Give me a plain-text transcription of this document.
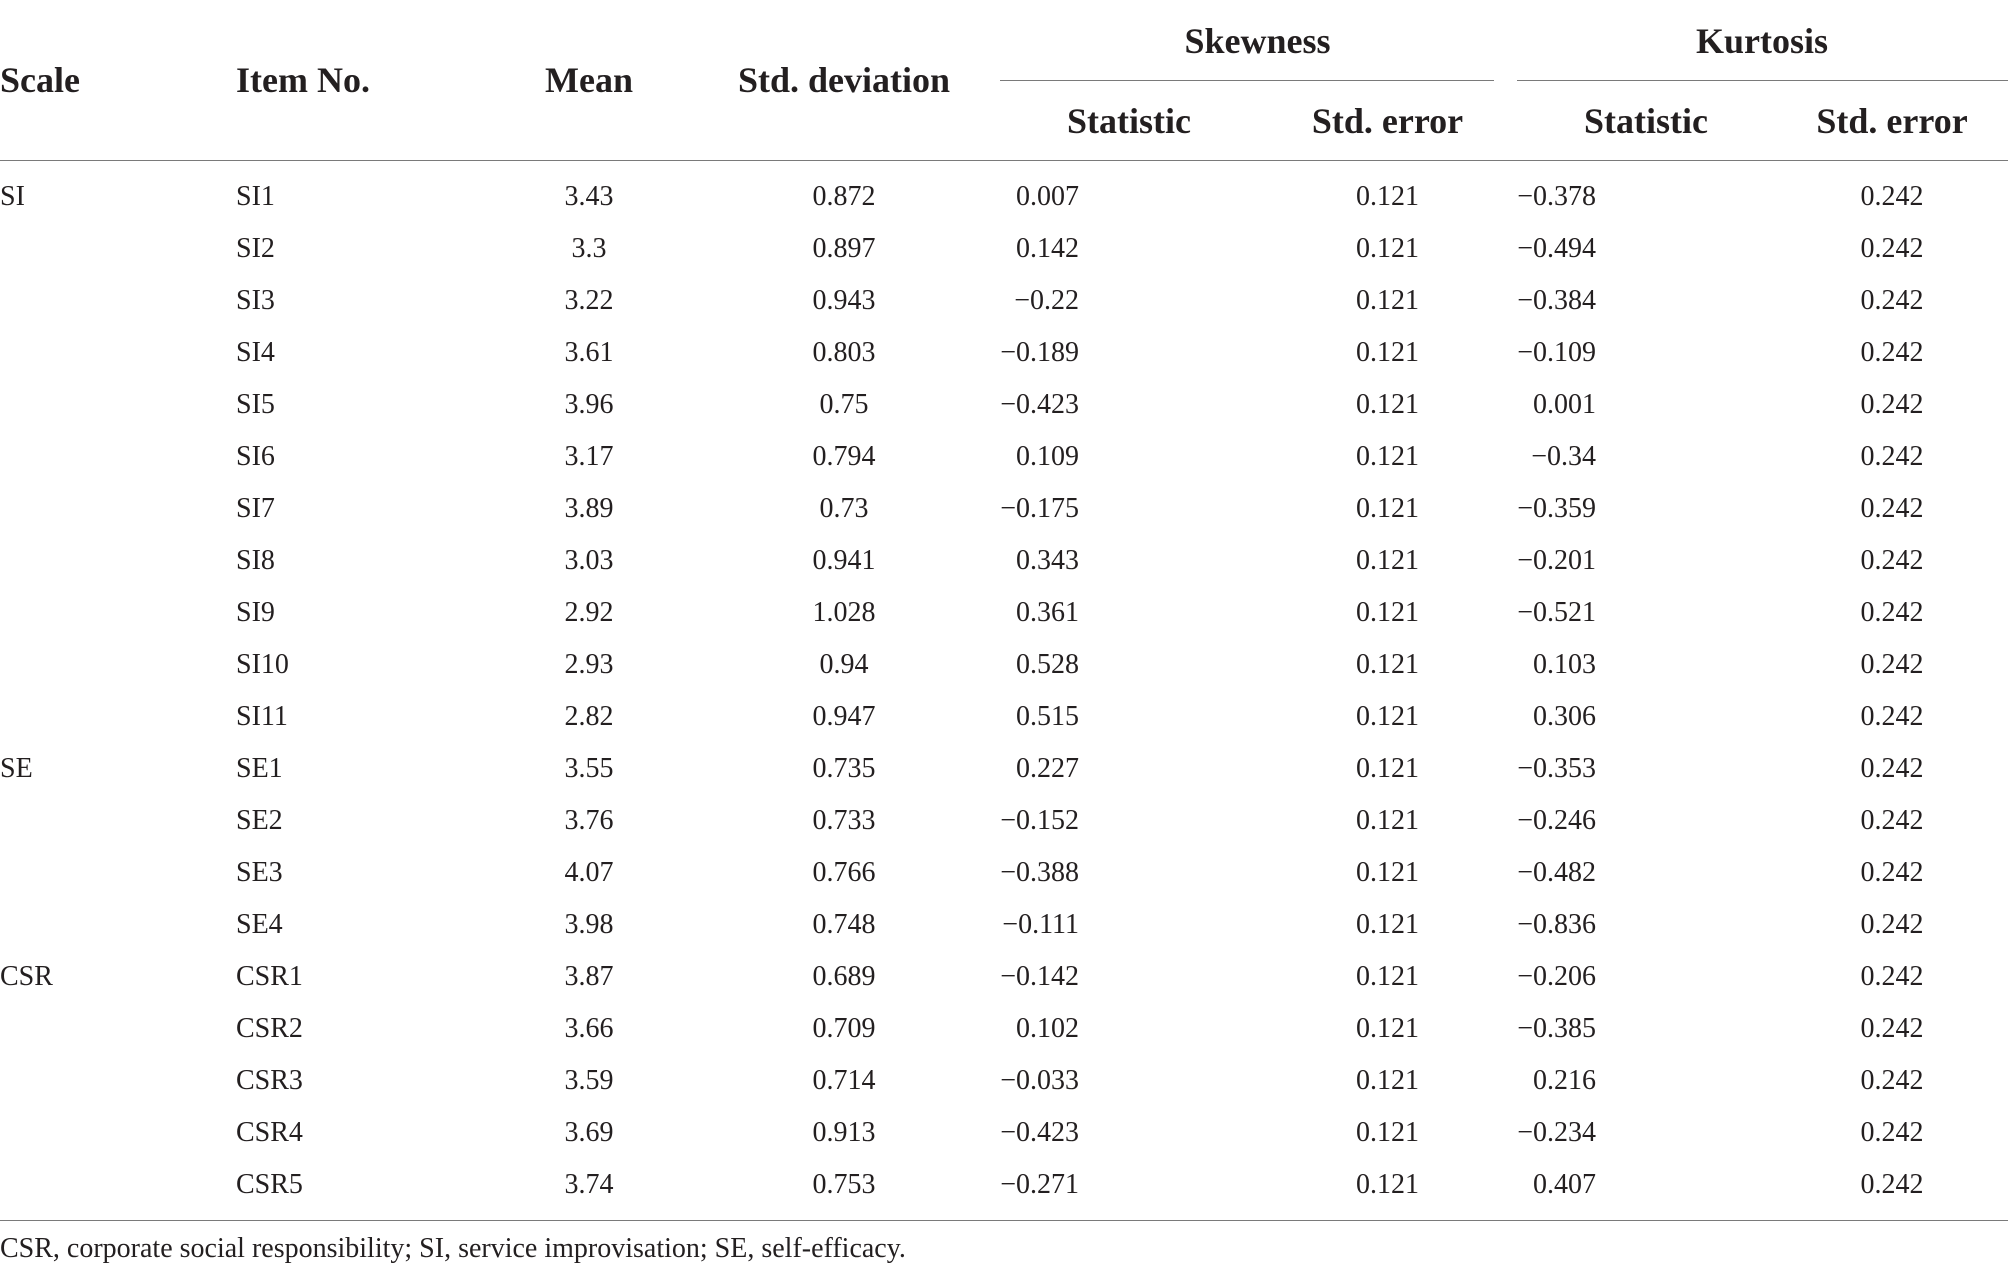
Scale	Item No.	Mean	Std. deviation	Skewness		Kurtosis	
				Statistic	Std. error	Statistic	Std. error
SI	SI1	3.43	0.872	0.007	0.121	−0.378	0.242
	SI2	3.3	0.897	0.142	0.121	−0.494	0.242
	SI3	3.22	0.943	−0.22	0.121	−0.384	0.242
	SI4	3.61	0.803	−0.189	0.121	−0.109	0.242
	SI5	3.96	0.75	−0.423	0.121	0.001	0.242
	SI6	3.17	0.794	0.109	0.121	−0.34	0.242
	SI7	3.89	0.73	−0.175	0.121	−0.359	0.242
	SI8	3.03	0.941	0.343	0.121	−0.201	0.242
	SI9	2.92	1.028	0.361	0.121	−0.521	0.242
	SI10	2.93	0.94	0.528	0.121	0.103	0.242
	SI11	2.82	0.947	0.515	0.121	0.306	0.242
SE	SE1	3.55	0.735	0.227	0.121	−0.353	0.242
	SE2	3.76	0.733	−0.152	0.121	−0.246	0.242
	SE3	4.07	0.766	−0.388	0.121	−0.482	0.242
	SE4	3.98	0.748	−0.111	0.121	−0.836	0.242
CSR	CSR1	3.87	0.689	−0.142	0.121	−0.206	0.242
	CSR2	3.66	0.709	0.102	0.121	−0.385	0.242
	CSR3	3.59	0.714	−0.033	0.121	0.216	0.242
	CSR4	3.69	0.913	−0.423	0.121	−0.234	0.242
	CSR5	3.74	0.753	−0.271	0.121	0.407	0.242
CSR, corporate social responsibility; SI, service improvisation; SE, self-efficacy.
